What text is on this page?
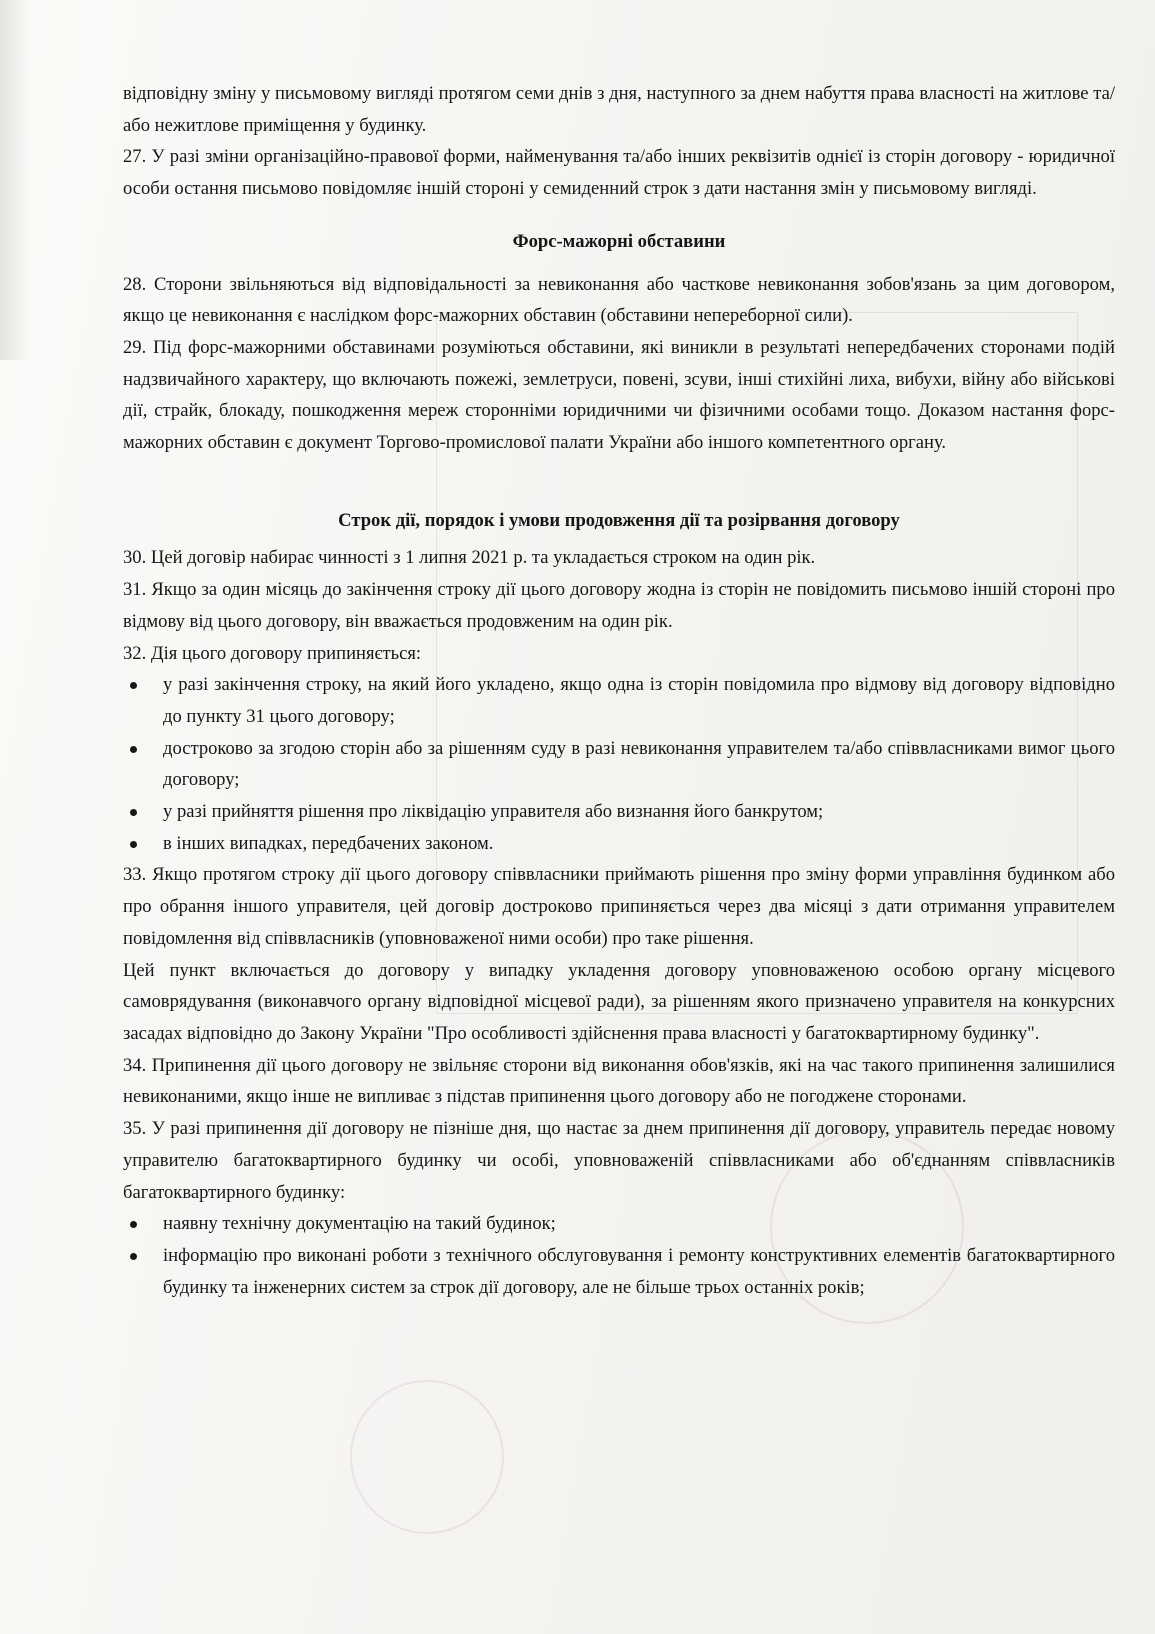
відповідну зміну у письмовому вигляді протягом семи днів з дня, наступного за днем набуття права власності на житлове та/або нежитлове приміщення у будинку.

27. У разі зміни організаційно-правової форми, найменування та/або інших реквізитів однієї із сторін договору - юридичної особи остання письмово повідомляє іншій стороні у семиденний строк з дати настання змін у письмовому вигляді.

Форс-мажорні обставини

28. Сторони звільняються від відповідальності за невиконання або часткове невиконання зобов'язань за цим договором, якщо це невиконання є наслідком форс-мажорних обставин (обставини непереборної сили).

29. Під форс-мажорними обставинами розуміються обставини, які виникли в результаті непередбачених сторонами подій надзвичайного характеру, що включають пожежі, землетруси, повені, зсуви, інші стихійні лиха, вибухи, війну або військові дії, страйк, блокаду, пошкодження мереж сторонніми юридичними чи фізичними особами тощо. Доказом настання форс-мажорних обставин є документ Торгово-промислової палати України або іншого компетентного органу.

Строк дії, порядок і умови продовження дії та розірвання договору

30. Цей договір набирає чинності з 1 липня 2021 р. та укладається строком на один рік.

31. Якщо за один місяць до закінчення строку дії цього договору жодна із сторін не повідомить письмово іншій стороні про відмову від цього договору, він вважається продовженим на один рік.

32. Дія цього договору припиняється:

у разі закінчення строку, на який його укладено, якщо одна із сторін повідомила про відмову від договору відповідно до пункту 31 цього договору;
достроково за згодою сторін або за рішенням суду в разі невиконання управителем та/або співвласниками вимог цього договору;
у разі прийняття рішення про ліквідацію управителя або визнання його банкрутом;
в інших випадках, передбачених законом.

33. Якщо протягом строку дії цього договору співвласники приймають рішення про зміну форми управління будинком або про обрання іншого управителя, цей договір достроково припиняється через два місяці з дати отримання управителем повідомлення від співвласників (уповноваженої ними особи) про таке рішення.

Цей пункт включається до договору у випадку укладення договору уповноваженою особою органу місцевого самоврядування (виконавчого органу відповідної місцевої ради), за рішенням якого призначено управителя на конкурсних засадах відповідно до Закону України "Про особливості здійснення права власності у багатоквартирному будинку".

34. Припинення дії цього договору не звільняє сторони від виконання обов'язків, які на час такого припинення залишилися невиконаними, якщо інше не випливає з підстав припинення цього договору або не погоджене сторонами.

35. У разі припинення дії договору не пізніше дня, що настає за днем припинення дії договору, управитель передає новому управителю багатоквартирного будинку чи особі, уповноваженій співвласниками або об'єднанням співвласників багатоквартирного будинку:

наявну технічну документацію на такий будинок;
інформацію про виконані роботи з технічного обслуговування і ремонту конструктивних елементів багатоквартирного будинку та інженерних систем за строк дії договору, але не більше трьох останніх років;
